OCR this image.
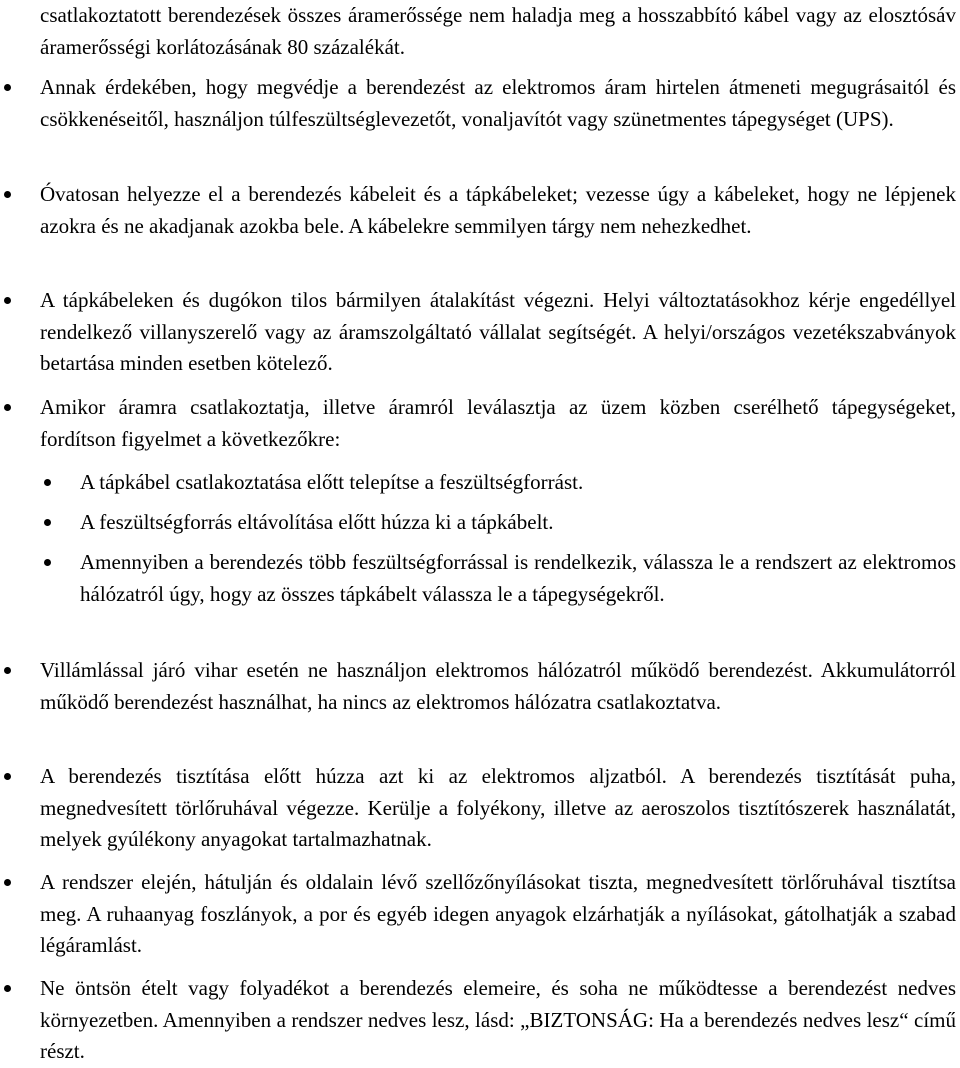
csatlakoztatott berendezések összes áramerőssége nem haladja meg a hosszabbító kábel vagy az elosztósáv áramerősségi korlátozásának 80 százalékát.

Annak érdekében, hogy megvédje a berendezést az elektromos áram hirtelen átmeneti megugrásaitól és csökkenéseitől, használjon túlfeszültséglevezetőt, vonaljavítót vagy szünetmentes tápegységet (UPS).

Óvatosan helyezze el a berendezés kábeleit és a tápkábeleket; vezesse úgy a kábeleket, hogy ne lépjenek azokra és ne akadjanak azokba bele. A kábelekre semmilyen tárgy nem nehezkedhet.

A tápkábeleken és dugókon tilos bármilyen átalakítást végezni. Helyi változtatásokhoz kérje engedéllyel rendelkező villanyszerelő vagy az áramszolgáltató vállalat segítségét. A helyi/országos vezetékszabványok betartása minden esetben kötelező.

Amikor áramra csatlakoztatja, illetve áramról leválasztja az üzem közben cserélhető tápegységeket, fordítson figyelmet a következőkre:

A tápkábel csatlakoztatása előtt telepítse a feszültségforrást.

A feszültségforrás eltávolítása előtt húzza ki a tápkábelt.

Amennyiben a berendezés több feszültségforrással is rendelkezik, válassza le a rendszert az elektromos hálózatról úgy, hogy az összes tápkábelt válassza le a tápegységekről.

Villámlással járó vihar esetén ne használjon elektromos hálózatról működő berendezést. Akkumulátorról működő berendezést használhat, ha nincs az elektromos hálózatra csatlakoztatva.

A berendezés tisztítása előtt húzza azt ki az elektromos aljzatból. A berendezés tisztítását puha, megnedvesített törlőruhával végezze. Kerülje a folyékony, illetve az aeroszolos tisztítószerek használatát, melyek gyúlékony anyagokat tartalmazhatnak.

A rendszer elején, hátulján és oldalain lévő szellőzőnyílásokat tiszta, megnedvesített törlőruhával tisztítsa meg. A ruhaanyag foszlányok, a por és egyéb idegen anyagok elzárhatják a nyílásokat, gátolhatják a szabad légáramlást.

Ne öntsön ételt vagy folyadékot a berendezés elemeire, és soha ne működtesse a berendezést nedves környezetben. Amennyiben a rendszer nedves lesz, lásd: „BIZTONSÁG: Ha a berendezés nedves lesz“ című részt.
